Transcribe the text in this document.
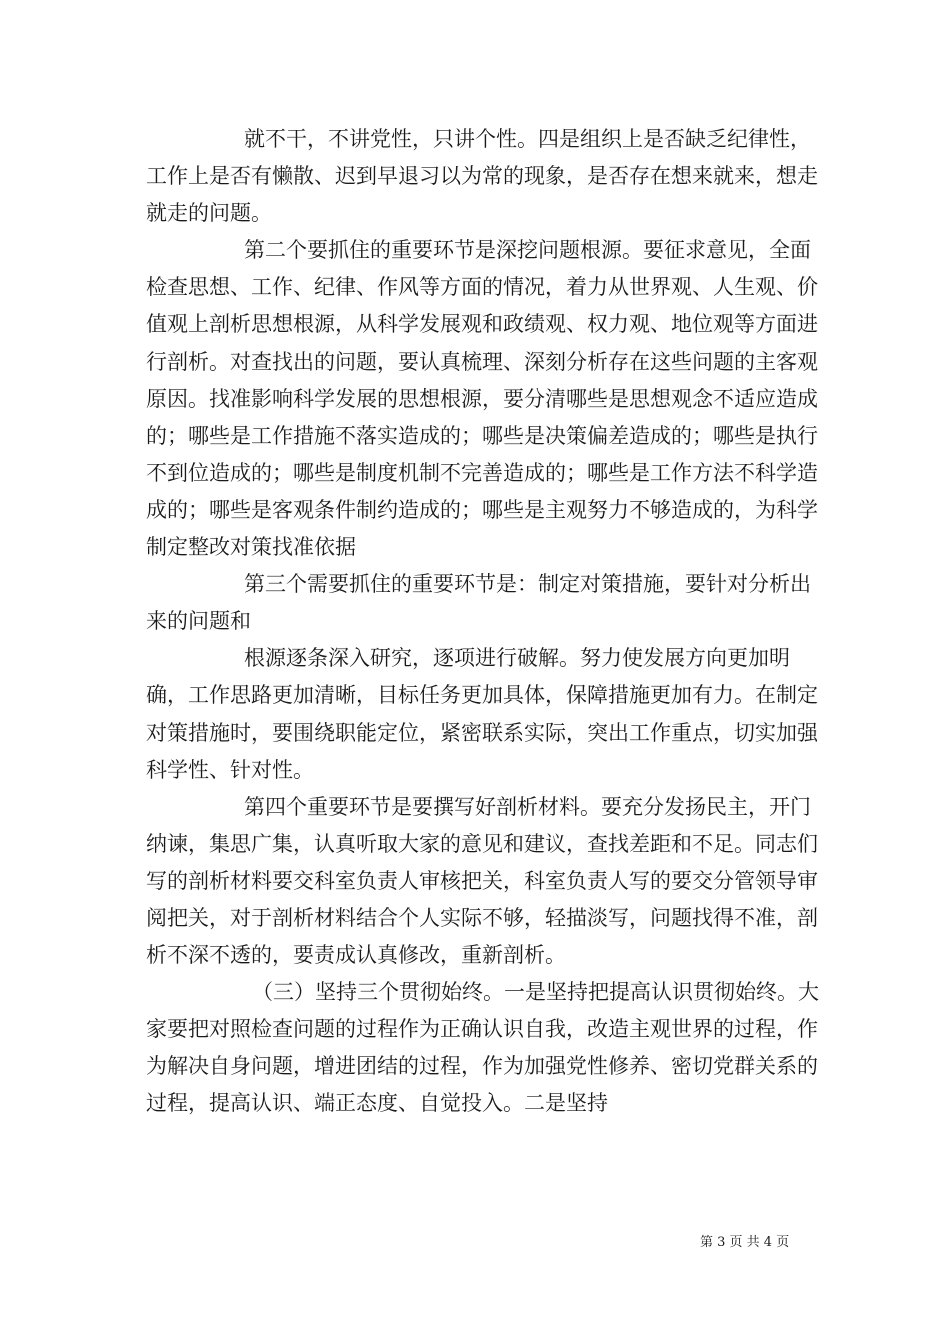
就不干，不讲党性，只讲个性。四是组织上是否缺乏纪律性，工作上是否有懒散、迟到早退习以为常的现象，是否存在想来就来，想走就走的问题。

第二个要抓住的重要环节是深挖问题根源。要征求意见，全面检查思想、工作、纪律、作风等方面的情况，着力从世界观、人生观、价值观上剖析思想根源，从科学发展观和政绩观、权力观、地位观等方面进行剖析。对查找出的问题，要认真梳理、深刻分析存在这些问题的主客观原因。找准影响科学发展的思想根源，要分清哪些是思想观念不适应造成的；哪些是工作措施不落实造成的；哪些是决策偏差造成的；哪些是执行不到位造成的；哪些是制度机制不完善造成的；哪些是工作方法不科学造成的；哪些是客观条件制约造成的；哪些是主观努力不够造成的，为科学制定整改对策找准依据

第三个需要抓住的重要环节是：制定对策措施，要针对分析出来的问题和

根源逐条深入研究，逐项进行破解。努力使发展方向更加明确，工作思路更加清晰，目标任务更加具体，保障措施更加有力。在制定对策措施时，要围绕职能定位，紧密联系实际，突出工作重点，切实加强科学性、针对性。

第四个重要环节是要撰写好剖析材料。要充分发扬民主，开门纳谏，集思广集，认真听取大家的意见和建议，查找差距和不足。同志们写的剖析材料要交科室负责人审核把关，科室负责人写的要交分管领导审阅把关，对于剖析材料结合个人实际不够，轻描淡写，问题找得不准，剖析不深不透的，要责成认真修改，重新剖析。

（三）坚持三个贯彻始终。一是坚持把提高认识贯彻始终。大家要把对照检查问题的过程作为正确认识自我，改造主观世界的过程，作为解决自身问题，增进团结的过程，作为加强党性修养、密切党群关系的过程，提高认识、端正态度、自觉投入。二是坚持

第 3 页 共 4 页
